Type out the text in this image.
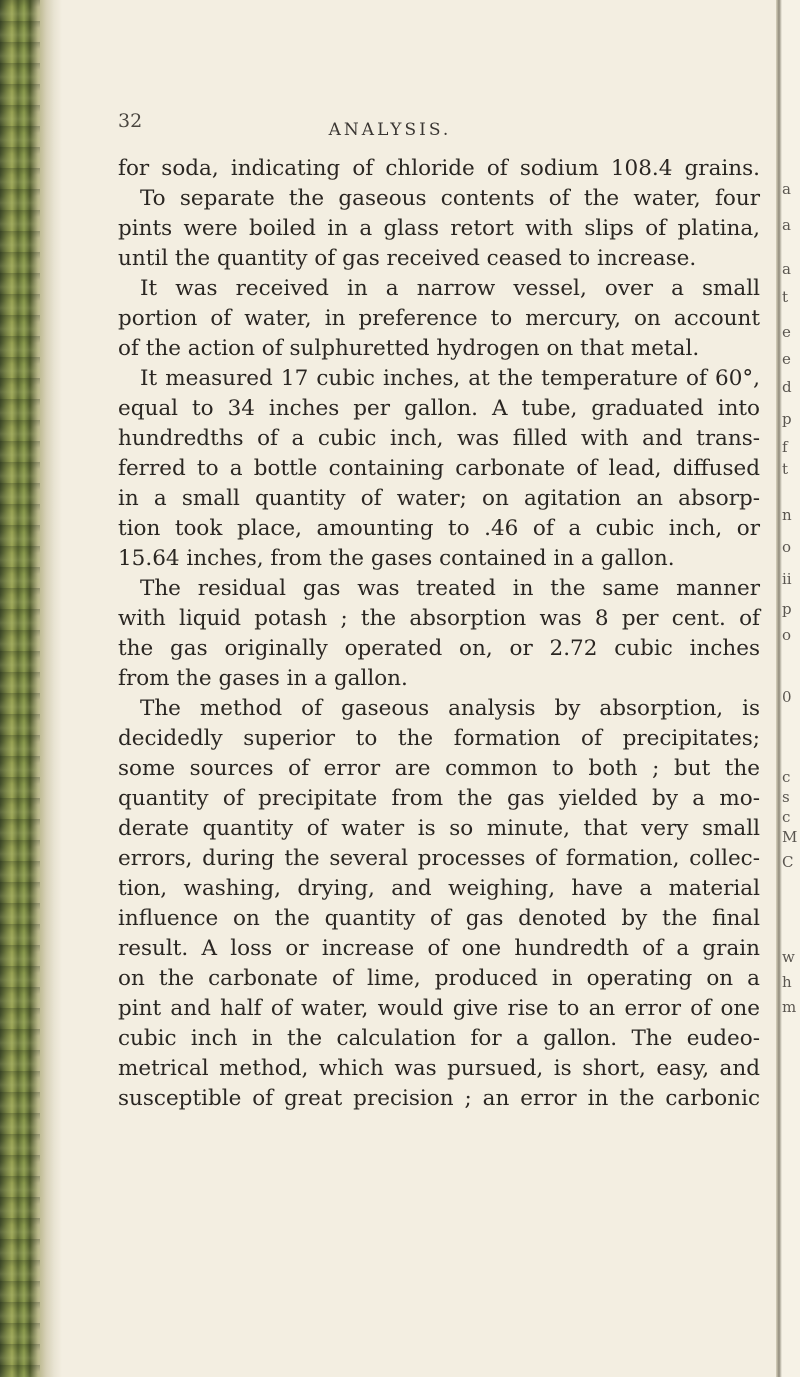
a
a
a
t
e
e
d
p
f
t
n
o
ii
p
o
0
c
s
c
M
C
w
h
m
32	ANALYSIS.
for soda, indicating of chloride of sodium 108.4 grains.
To separate the gaseous contents of the water, four
pints were boiled in a glass retort with slips of platina,
until the quantity of gas received ceased to increase.
It was received in a narrow vessel, over a small
portion of water, in preference to mercury, on account
of the action of sulphuretted hydrogen on that metal.
It measured 17 cubic inches, at the temperature of 60°,
equal to 34 inches per gallon. A tube, graduated into
hundredths of a cubic inch, was filled with and trans-
ferred to a bottle containing carbonate of lead, diffused
in a small quantity of water; on agitation an absorp-
tion took place, amounting to .46 of a cubic inch, or
15.64 inches, from the gases contained in a gallon.
The residual gas was treated in the same manner
with liquid potash ; the absorption was 8 per cent. of
the gas originally operated on, or 2.72 cubic inches
from the gases in a gallon.
The method of gaseous analysis by absorption, is
decidedly superior to the formation of precipitates;
some sources of error are common to both ; but the
quantity of precipitate from the gas yielded by a mo-
derate quantity of water is so minute, that very small
errors, during the several processes of formation, collec-
tion, washing, drying, and weighing, have a material
influence on the quantity of gas denoted by the final
result. A loss or increase of one hundredth of a grain
on the carbonate of lime, produced in operating on a
pint and half of water, would give rise to an error of one
cubic inch in the calculation for a gallon. The eudeo-
metrical method, which was pursued, is short, easy, and
susceptible of great precision ; an error in the carbonic
